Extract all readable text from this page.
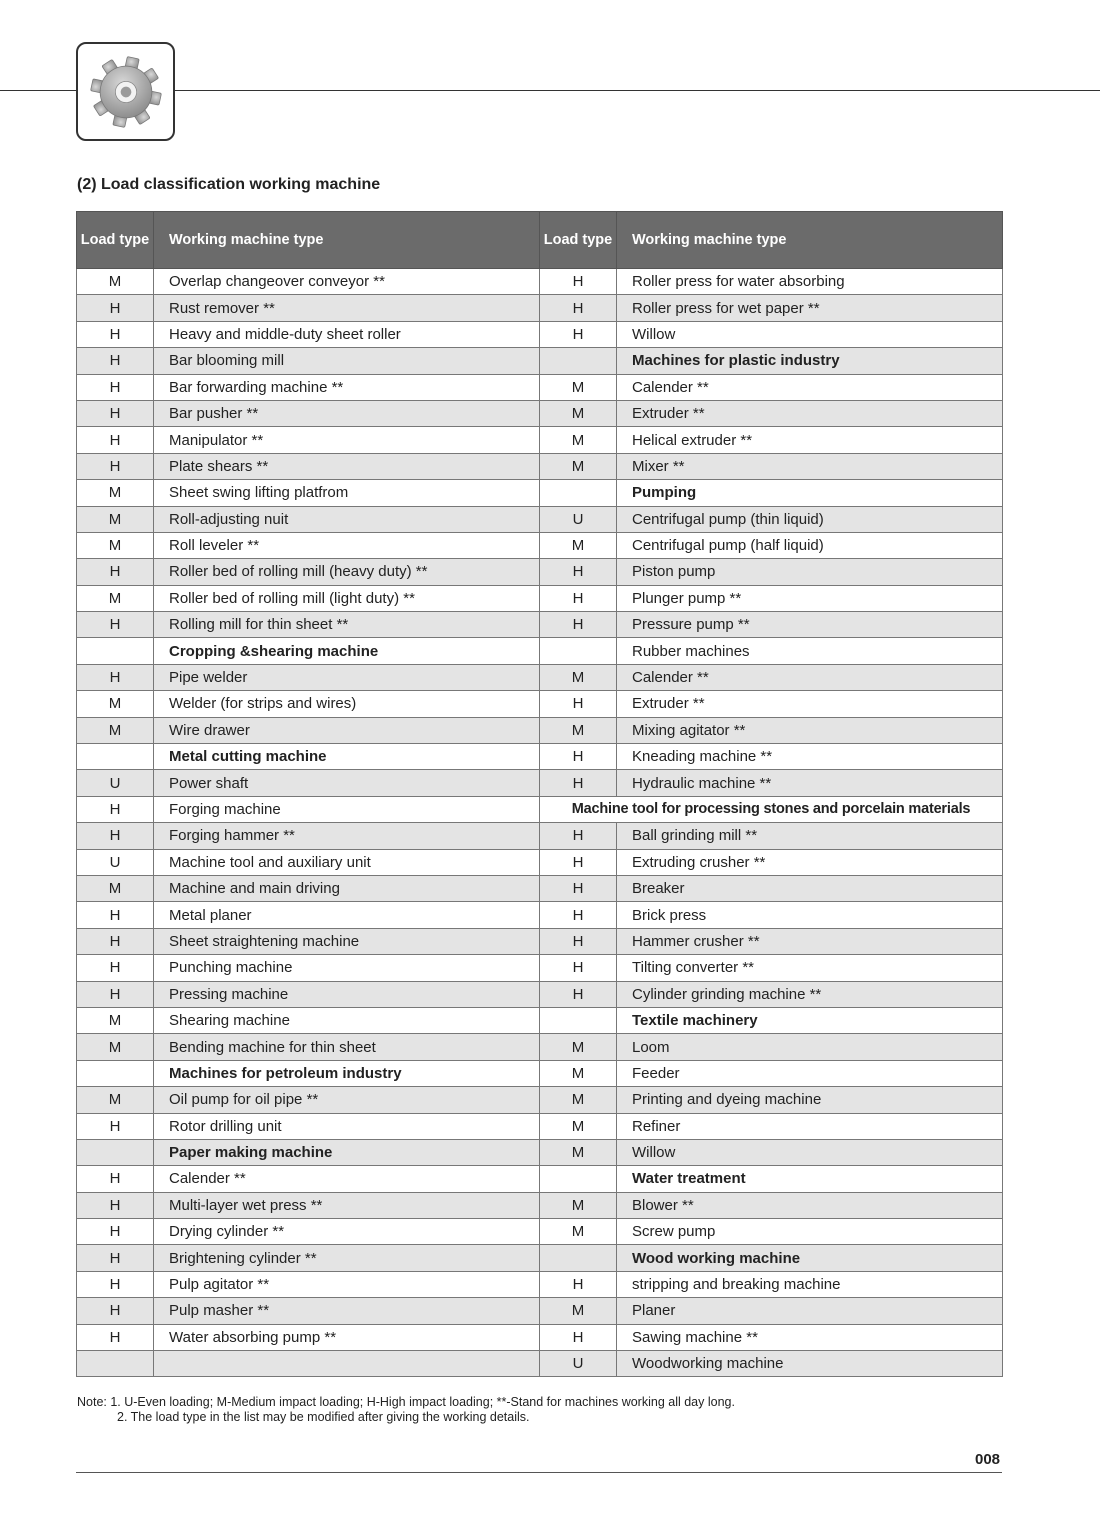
(2) Load classification working machine
Load type	Working machine type	Load type	Working machine type
M	Overlap changeover conveyor **	H	Roller press for water absorbing
H	Rust remover **	H	Roller press for wet paper **
H	Heavy and middle-duty sheet roller	H	Willow
H	Bar blooming mill		Machines for plastic industry
H	Bar forwarding machine **	M	Calender **
H	Bar pusher **	M	Extruder **
H	Manipulator **	M	Helical extruder **
H	Plate shears **	M	Mixer **
M	Sheet swing lifting platfrom		Pumping
M	Roll-adjusting nuit	U	Centrifugal pump (thin liquid)
M	Roll leveler **	M	Centrifugal pump (half liquid)
H	Roller bed of rolling mill (heavy duty) **	H	Piston pump
M	Roller bed of rolling mill (light duty) **	H	Plunger pump **
H	Rolling mill for thin sheet **	H	Pressure pump **
	Cropping &shearing machine		Rubber machines
H	Pipe welder	M	Calender **
M	Welder (for strips and wires)	H	Extruder **
M	Wire drawer	M	Mixing agitator **
	Metal cutting machine	H	Kneading machine **
U	Power shaft	H	Hydraulic machine **
H	Forging machine	Machine tool for processing stones and porcelain materials	
H	Forging hammer **	H	Ball grinding mill **
U	Machine tool and auxiliary unit	H	Extruding crusher **
M	Machine and main driving	H	Breaker
H	Metal planer	H	Brick press
H	Sheet straightening machine	H	Hammer crusher **
H	Punching machine	H	Tilting converter **
H	Pressing machine	H	Cylinder grinding machine **
M	Shearing machine		Textile machinery
M	Bending machine for thin sheet	M	Loom
	Machines for petroleum industry	M	Feeder
M	Oil pump for oil pipe **	M	Printing and dyeing machine
H	Rotor drilling unit	M	Refiner
	Paper making machine	M	Willow
H	Calender **		Water treatment
H	Multi-layer wet press **	M	Blower **
H	Drying cylinder **	M	Screw pump
H	Brightening cylinder **		Wood working machine
H	Pulp agitator **	H	stripping and breaking machine
H	Pulp masher **	M	Planer
H	Water absorbing pump **	H	Sawing machine **
		U	Woodworking machine
Note: 1. U-Even loading; M-Medium impact loading; H-High impact loading; **-Stand for machines working all day long.
2. The load type in the list may be modified after giving the working details.
008
